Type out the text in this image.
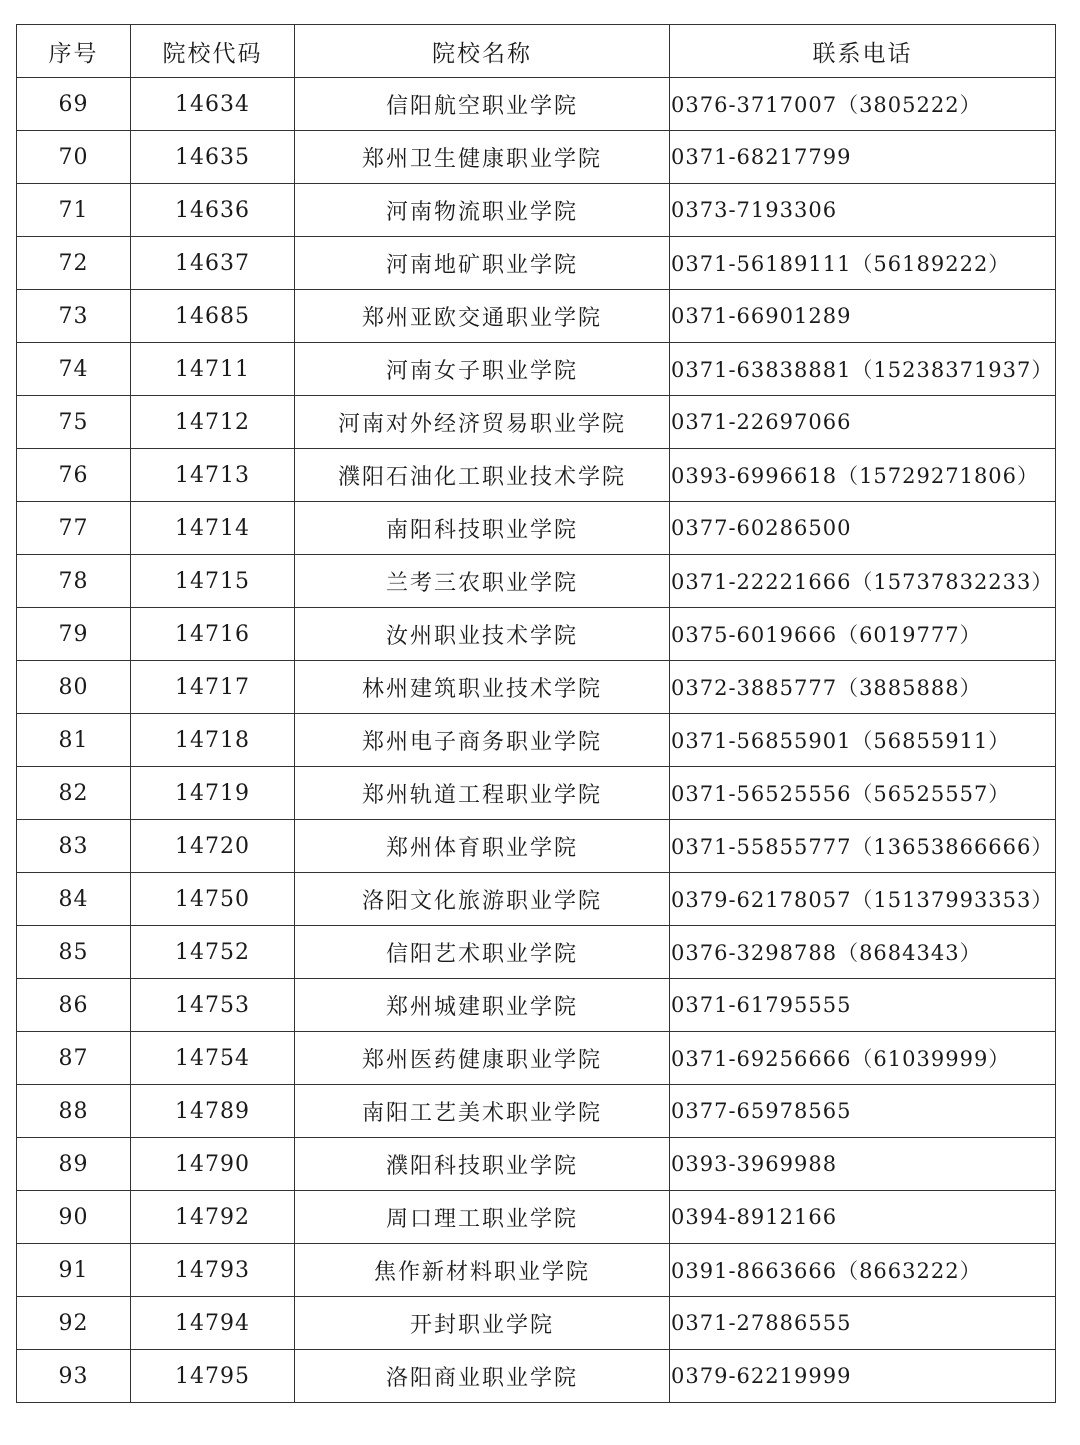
序号	院校代码	院校名称	联系电话
69	14634	信阳航空职业学院	0376-3717007（3805222）
70	14635	郑州卫生健康职业学院	0371-68217799
71	14636	河南物流职业学院	0373-7193306
72	14637	河南地矿职业学院	0371-56189111（56189222）
73	14685	郑州亚欧交通职业学院	0371-66901289
74	14711	河南女子职业学院	0371-63838881（15238371937）
75	14712	河南对外经济贸易职业学院	0371-22697066
76	14713	濮阳石油化工职业技术学院	0393-6996618（15729271806）
77	14714	南阳科技职业学院	0377-60286500
78	14715	兰考三农职业学院	0371-22221666（15737832233）
79	14716	汝州职业技术学院	0375-6019666（6019777）
80	14717	林州建筑职业技术学院	0372-3885777（3885888）
81	14718	郑州电子商务职业学院	0371-56855901（56855911）
82	14719	郑州轨道工程职业学院	0371-56525556（56525557）
83	14720	郑州体育职业学院	0371-55855777（13653866666）
84	14750	洛阳文化旅游职业学院	0379-62178057（15137993353）
85	14752	信阳艺术职业学院	0376-3298788（8684343）
86	14753	郑州城建职业学院	0371-61795555
87	14754	郑州医药健康职业学院	0371-69256666（61039999）
88	14789	南阳工艺美术职业学院	0377-65978565
89	14790	濮阳科技职业学院	0393-3969988
90	14792	周口理工职业学院	0394-8912166
91	14793	焦作新材料职业学院	0391-8663666（8663222）
92	14794	开封职业学院	0371-27886555
93	14795	洛阳商业职业学院	0379-62219999
